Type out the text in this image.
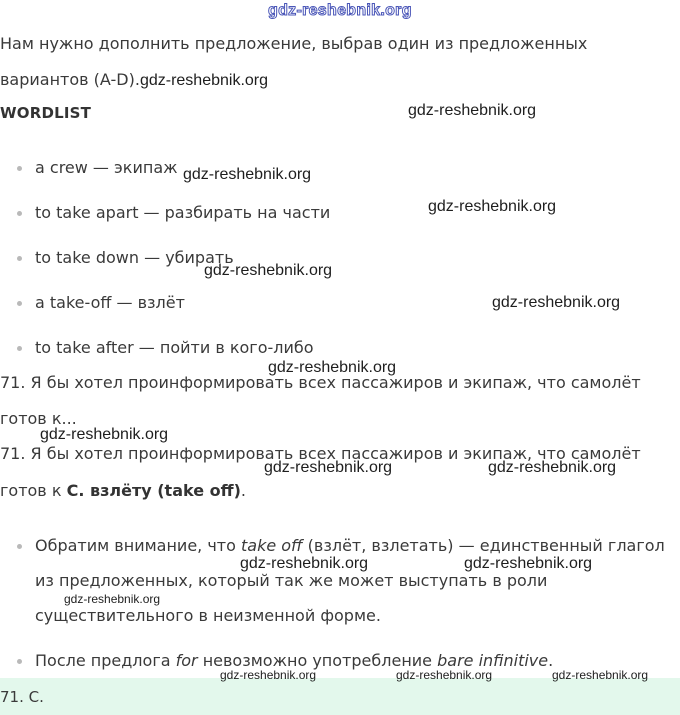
gdz-reshebnik.org
Нам нужно дополнить предложение, выбрав один из предложенных
вариантов (A-D).gdz-reshebnik.org
WORDLIST	gdz-reshebnik.org
a crew — экипаж gdz-reshebnik.org
to take apart — разбирать на части	gdz-reshebnik.org
to take down — убирать
gdz-reshebnik.org
a take-off — взлёт	gdz-reshebnik.org
to take after — пойти в кого-либо
gdz-reshebnik.org
71. Я бы хотел проинформировать всех пассажиров и экипаж, что самолёт
готов к...
gdz-reshebnik.org
71. Я бы хотел проинформировать всех пассажиров и экипаж, что самолёт
gdz-reshebnik.org	gdz-reshebnik.org
готов к C. взлёту (take off).
Обратим внимание, что take off (взлёт, взлетать) — единственный глагол
gdz-reshebnik.org	gdz-reshebnik.org
из предложенных, который так же может выступать в роли
gdz-reshebnik.org
существительного в неизменной форме.
После предлога for невозможно употребление bare infinitive.
71. C.
gdz-reshebnik.org	gdz-reshebnik.org	gdz-reshebnik.org
